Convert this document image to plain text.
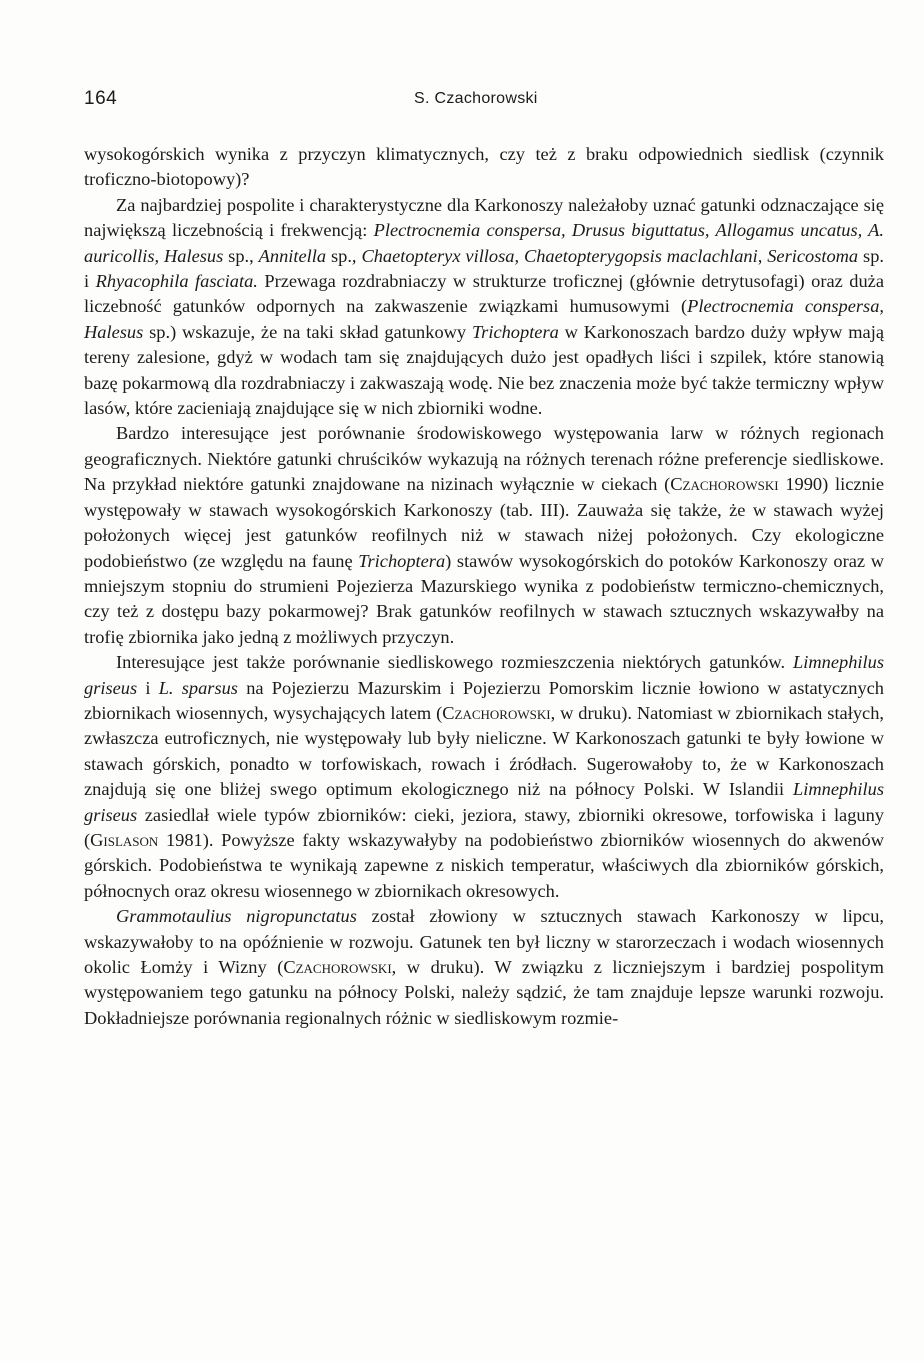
164	S. Czachorowski

wysokogórskich wynika z przyczyn klimatycznych, czy też z braku odpowiednich siedlisk (czynnik troficzno-biotopowy)?

Za najbardziej pospolite i charakterystyczne dla Karkonoszy należałoby uznać gatunki odznaczające się największą liczebnością i frekwencją: Plectrocnemia conspersa, Drusus biguttatus, Allogamus uncatus, A. auricollis, Halesus sp., Annitella sp., Chaetopteryx villosa, Chaetopterygopsis maclachlani, Sericostoma sp. i Rhyacophila fasciata. Przewaga rozdrabniaczy w strukturze troficznej (głównie detrytusofagi) oraz duża liczebność gatunków odpornych na zakwaszenie związkami humusowymi (Plectrocnemia conspersa, Halesus sp.) wskazuje, że na taki skład gatunkowy Trichoptera w Karkonoszach bardzo duży wpływ mają tereny zalesione, gdyż w wodach tam się znajdujących dużo jest opadłych liści i szpilek, które stanowią bazę pokarmową dla rozdrabniaczy i zakwaszają wodę. Nie bez znaczenia może być także termiczny wpływ lasów, które zacieniają znajdujące się w nich zbiorniki wodne.

Bardzo interesujące jest porównanie środowiskowego występowania larw w różnych regionach geograficznych. Niektóre gatunki chruścików wykazują na różnych terenach różne preferencje siedliskowe. Na przykład niektóre gatunki znajdowane na nizinach wyłącznie w ciekach (Czachorowski 1990) licznie występowały w stawach wysokogórskich Karkonoszy (tab. III). Zauważa się także, że w stawach wyżej położonych więcej jest gatunków reofilnych niż w stawach niżej położonych. Czy ekologiczne podobieństwo (ze względu na faunę Trichoptera) stawów wysokogórskich do potoków Karkonoszy oraz w mniejszym stopniu do strumieni Pojezierza Mazurskiego wynika z podobieństw termiczno-chemicznych, czy też z dostępu bazy pokarmowej? Brak gatunków reofilnych w stawach sztucznych wskazywałby na trofię zbiornika jako jedną z możliwych przyczyn.

Interesujące jest także porównanie siedliskowego rozmieszczenia niektórych gatunków. Limnephilus griseus i L. sparsus na Pojezierzu Mazurskim i Pojezierzu Pomorskim licznie łowiono w astatycznych zbiornikach wiosennych, wysychających latem (Czachorowski, w druku). Natomiast w zbiornikach stałych, zwłaszcza eutroficznych, nie występowały lub były nieliczne. W Karkonoszach gatunki te były łowione w stawach górskich, ponadto w torfowiskach, rowach i źródłach. Sugerowałoby to, że w Karkonoszach znajdują się one bliżej swego optimum ekologicznego niż na północy Polski. W Islandii Limnephilus griseus zasiedlał wiele typów zbiorników: cieki, jeziora, stawy, zbiorniki okresowe, torfowiska i laguny (Gislason 1981). Powyższe fakty wskazywałyby na podobieństwo zbiorników wiosennych do akwenów górskich. Podobieństwa te wynikają zapewne z niskich temperatur, właściwych dla zbiorników górskich, północnych oraz okresu wiosennego w zbiornikach okresowych.

Grammotaulius nigropunctatus został złowiony w sztucznych stawach Karkonoszy w lipcu, wskazywałoby to na opóźnienie w rozwoju. Gatunek ten był liczny w starorzeczach i wodach wiosennych okolic Łomży i Wizny (Czachorowski, w druku). W związku z liczniejszym i bardziej pospolitym występowaniem tego gatunku na północy Polski, należy sądzić, że tam znajduje lepsze warunki rozwoju. Dokładniejsze porównania regionalnych różnic w siedliskowym rozmie-
